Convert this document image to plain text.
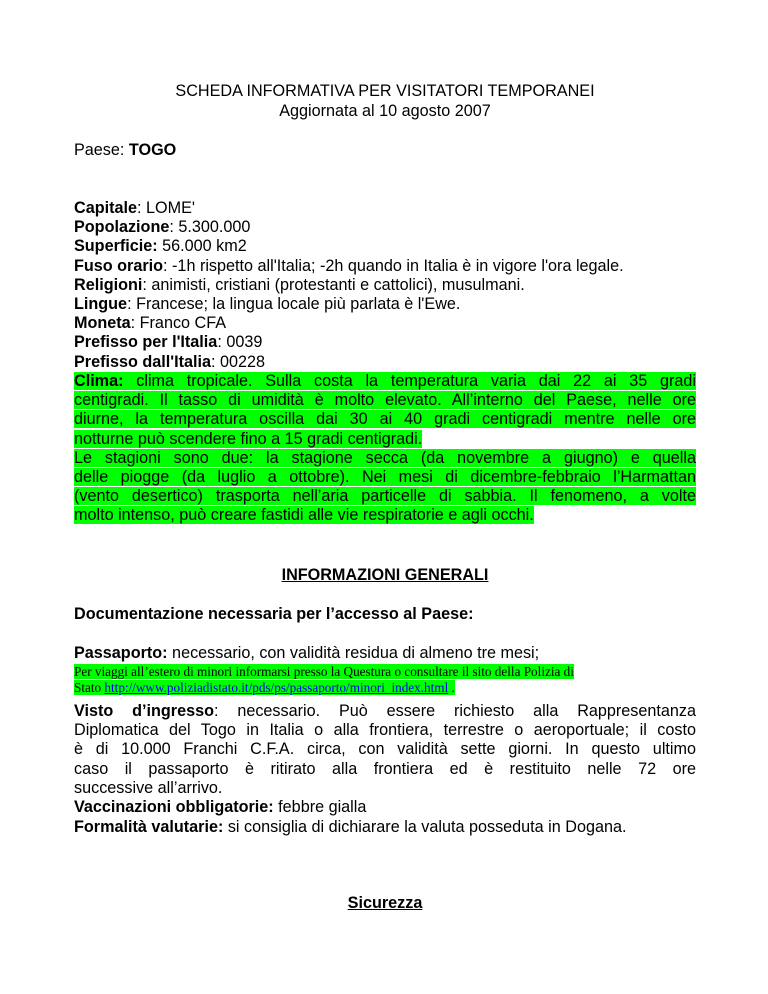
SCHEDA INFORMATIVA PER VISITATORI TEMPORANEI

Aggiornata al 10 agosto 2007

Paese: TOGO

Capitale: LOME'

Popolazione: 5.300.000

Superficie: 56.000 km2

Fuso orario: -1h rispetto all'Italia; -2h quando in Italia è in vigore l'ora legale.

Religioni: animisti, cristiani (protestanti e cattolici), musulmani.

Lingue: Francese; la lingua locale più parlata è l'Ewe.

Moneta: Franco CFA

Prefisso per l'Italia: 0039

Prefisso dall'Italia: 00228

Clima: clima tropicale. Sulla costa la temperatura varia dai 22 ai 35 gradi
centigradi. Il tasso di umidità è molto elevato. All’interno del Paese, nelle ore
diurne, la temperatura oscilla dai 30 ai 40 gradi centigradi mentre nelle ore
notturne può scendere fino a 15 gradi centigradi.
Le stagioni sono due: la stagione secca (da novembre a giugno) e quella
delle piogge (da luglio a ottobre). Nei mesi di dicembre-febbraio l’Harmattan
(vento desertico) trasporta nell’aria particelle di sabbia. Il fenomeno, a volte
molto intenso, può creare fastidi alle vie respiratorie e agli occhi.

INFORMAZIONI GENERALI

Documentazione necessaria per l’accesso al Paese:

Passaporto: necessario, con validità residua di almeno tre mesi;

Per viaggi all’estero di minori informarsi presso la Questura o consultare il sito della Polizia di
Stato http://www.poliziadistato.it/pds/ps/passaporto/minori_index.html .
Visto d’ingresso: necessario. Può essere richiesto alla Rappresentanza
Diplomatica del Togo in Italia o alla frontiera, terrestre o aeroportuale; il costo
è di 10.000 Franchi C.F.A. circa, con validità sette giorni. In questo ultimo
caso il passaporto è ritirato alla frontiera ed è restituito nelle 72 ore
successive all’arrivo.

Vaccinazioni obbligatorie: febbre gialla

Formalità valutarie: si consiglia di dichiarare la valuta posseduta in Dogana.

Sicurezza
